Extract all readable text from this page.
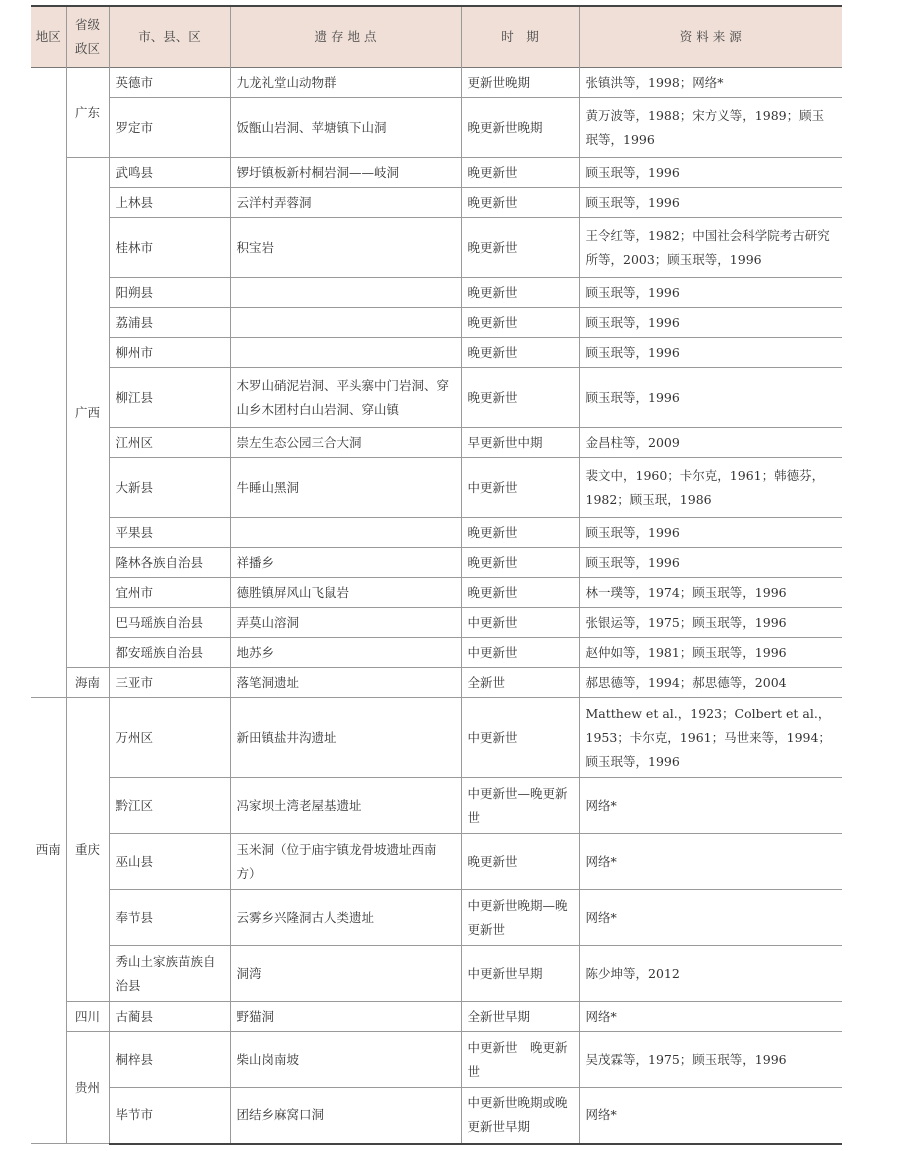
地区	省级政区	市、县、区	遗 存 地 点	时　期	资 料 来 源
	广东	英德市	九龙礼堂山动物群	更新世晚期	张镇洪等，1998；网络*
		罗定市	饭甑山岩洞、苹塘镇下山洞	晚更新世晚期	黄万波等，1988；宋方义等，1989；顾玉珉等，1996
	广西	武鸣县	锣圩镇板新村桐岩洞——岐洞	晚更新世	顾玉珉等，1996
		上林县	云洋村弄蓉洞	晚更新世	顾玉珉等，1996
		桂林市	积宝岩	晚更新世	王令红等，1982；中国社会科学院考古研究所等，2003；顾玉珉等，1996
		阳朔县		晚更新世	顾玉珉等，1996
		荔浦县		晚更新世	顾玉珉等，1996
		柳州市		晚更新世	顾玉珉等，1996
		柳江县	木罗山硝泥岩洞、平头寨中门岩洞、穿山乡木团村白山岩洞、穿山镇	晚更新世	顾玉珉等，1996
		江州区	崇左生态公园三合大洞	早更新世中期	金昌柱等，2009
		大新县	牛睡山黑洞	中更新世	裴文中，1960；卡尔克，1961；韩德芬，1982；顾玉珉，1986
		平果县		晚更新世	顾玉珉等，1996
		隆林各族自治县	祥播乡	晚更新世	顾玉珉等，1996
		宜州市	德胜镇屏风山飞鼠岩	晚更新世	林一璞等，1974；顾玉珉等，1996
		巴马瑶族自治县	弄莫山溶洞	中更新世	张银运等，1975；顾玉珉等，1996
		都安瑶族自治县	地苏乡	中更新世	赵仲如等，1981；顾玉珉等，1996
	海南	三亚市	落笔洞遗址	全新世	郝思德等，1994；郝思德等，2004
西南	重庆	万州区	新田镇盐井沟遗址	中更新世	Matthew et al.，1923；Colbert et al.，1953；卡尔克，1961；马世来等，1994；顾玉珉等，1996
		黔江区	冯家坝土湾老屋基遗址	中更新世—晚更新世	网络*
		巫山县	玉米洞（位于庙宇镇龙骨坡遗址西南方）	晚更新世	网络*
		奉节县	云雾乡兴隆洞古人类遗址	中更新世晚期—晚更新世	网络*
		秀山土家族苗族自治县	洞湾	中更新世早期	陈少坤等，2012
	四川	古蔺县	野猫洞	全新世早期	网络*
	贵州	桐梓县	柴山岗南坡	中更新世　晚更新世	吴茂霖等，1975；顾玉珉等，1996
		毕节市	团结乡麻窝口洞	中更新世晚期或晚更新世早期	网络*
